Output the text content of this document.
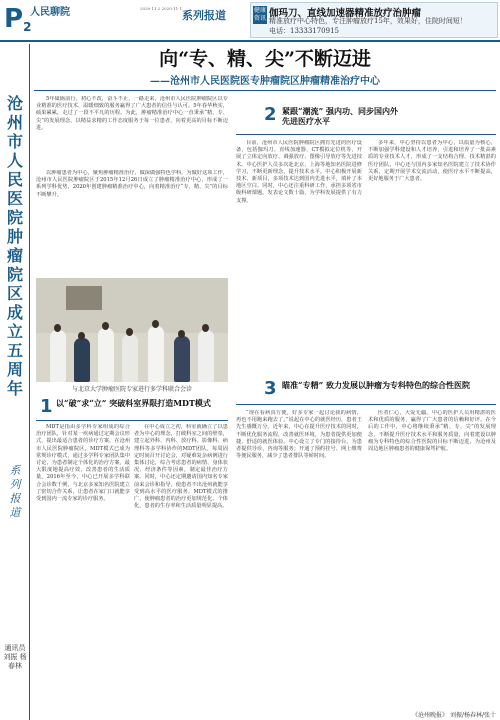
P2
人民聊院	2020·11·2 2020·11·1
系列报道	健康资讯 伽玛刀、直线加速器精准放疗治肿瘤
精准放疗中心特色，专注肿瘤放疗15年，效果好，住院时间短！
电话：13333170915
沧州市人民医院肿瘤院区成立五周年
系列报道
通讯员 刘振 杨春林
向“专、精、尖”不断迈进
——沧州市人民医院医专肿瘤院区肿瘤精准治疗中心
5年砥砺前行，初心不改，奋斗不止，一路走来，沧州市人民医院肿瘤院区以专业精准的医疗技术、温暖细致的服务赢得了广大患者的信任与认可。5年春华秋实，硕果累累，走过了一段不平凡的历程。为此，肿瘤精准治疗中心一直秉承“精、专、尖”的发展理念，以精益求精的工作态度服务于每一位患者，向着更高的目标不断迈进。
以肿瘤患者为中心，聚焦肿瘤精准治疗，做深做强特色学科。为做好这项工作，沧州市人民医院肿瘤院区于2015年12月26日成立了肿瘤精准治疗中心，形成了一系列学科优势，2020年创建肿瘤精准治疗中心，向着精准治疗“专、精、尖”的目标不断攀升。
与北京大学肿瘤医院专家进行多学科联合会诊
1 以“破”求“立” 突破科室界限打造MDT模式
MDT是指由多学科专家组成的综合治疗团队，针对某一疾病通过定期会议形式，提出最适合患者的诊疗方案。在沧州市人民医院肿瘤院区，MDT模式已成为常规诊疗模式，通过多学科专家团队集中讨论，为患者制定个体化的治疗方案，最大限度地提高疗效，改善患者的生活质量。2016年至今，中心已开展多学科联合会诊数千例，与北京多家知名医院建立了密切合作关系，让患者在家门口就能享受到国内一流专家的诊疗服务。
在中心成立之初，科室就确立了以患者为中心的理念，打破科室之间的壁垒，建立起外科、内科、放疗科、影像科、病理科等多学科协作的MDT团队。每周固定时间召开讨论会，对疑难复杂病例进行集体讨论，综合考虑患者的病情、身体状况、经济条件等因素，制定最佳治疗方案。同时，中心还定期邀请国内知名专家前来会诊和指导，使患者不出沧州就能享受到高水平的医疗服务。MDT模式的推广，使肿瘤患者的治疗更加规范化、个体化，患者的生存率和生活质量明显提高。
2 紧跟“潮流” 强内功、同步国内外先进医疗水平
目前，沧州市人民医院肿瘤院区拥有先进的医疗设备，包括伽玛刀、直线加速器、CT模拟定位机等，开展了立体定向放疗、调强放疗、图像引导放疗等先进技术。中心医护人员多次赴北京、上海等地知名医院进修学习，不断更新理念，提升技术水平。中心积极开展新技术、新项目，多项技术达到国内先进水平，填补了本地区空白。同时，中心还注重科研工作，承担多项省市级科研课题，发表论文数十篇，为学科发展提供了有力支撑。
多年来，中心坚持以患者为中心，以质量为核心，不断加强学科建设和人才培养，引进和培养了一批高素质的专业技术人才，形成了一支结构合理、技术精湛的医疗团队。中心还与国内多家知名医院建立了技术协作关系，定期开展学术交流活动，使医疗水平不断提高，更好地服务于广大患者。
3 瞄准“专精” 致力发展以肿瘤为专科特色的综合性医院
“现在看病真方便，好多专家一起讨论我的病情，再也不用跑来跑去了。”说起在中心的就医经历，患者王先生感慨万分。近年来，中心在提升医疗技术的同时，不断优化服务流程，改善就医环境，为患者提供更加便捷、舒适的就医体验。中心设立了专门的接待台，为患者提供导诊、咨询等服务；开通了预约挂号、网上缴费等便民服务，减少了患者排队等候时间。
医者仁心，大爱无疆。中心的医护人员用精湛的医术和优质的服务，赢得了广大患者的信赖和好评。在今后的工作中，中心将继续秉承“精、专、尖”的发展理念，不断提升医疗技术水平和服务质量，向着建设以肿瘤为专科特色的综合性医院的目标不断迈进，为沧州及周边地区肿瘤患者的健康保驾护航。
《沧州晚报》 刘振/杨春林/张十
